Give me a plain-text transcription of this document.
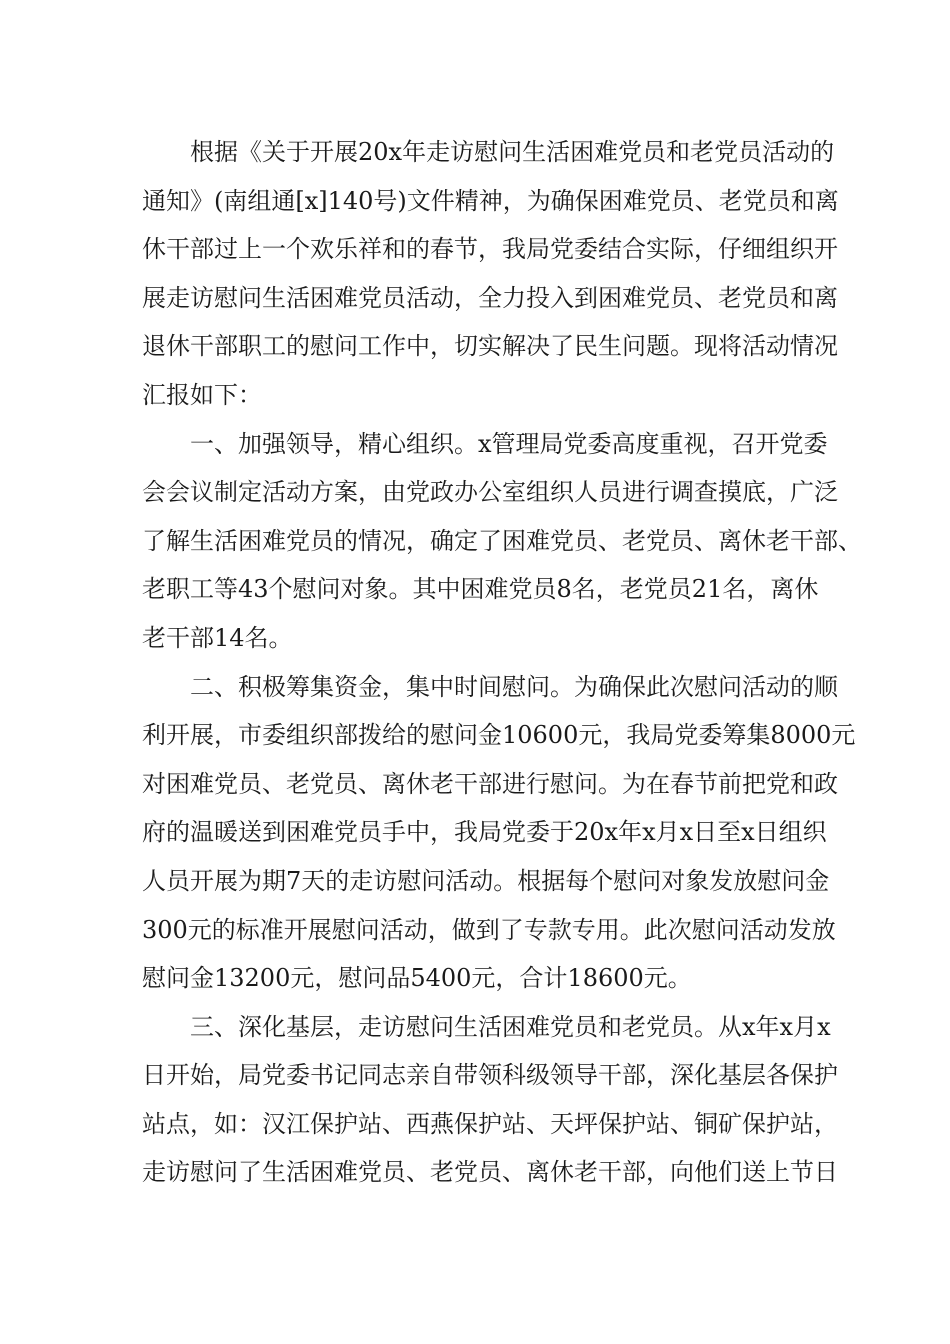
　　根据《关于开展20x年走访慰问生活困难党员和老党员活动的
通知》(南组通[x]140号)文件精神，为确保困难党员、老党员和离
休干部过上一个欢乐祥和的春节，我局党委结合实际，仔细组织开
展走访慰问生活困难党员活动，全力投入到困难党员、老党员和离
退休干部职工的慰问工作中，切实解决了民生问题。现将活动情况
汇报如下：
　　一、加强领导，精心组织。x管理局党委高度重视，召开党委
会会议制定活动方案，由党政办公室组织人员进行调查摸底，广泛
了解生活困难党员的情况，确定了困难党员、老党员、离休老干部、
老职工等43个慰问对象。其中困难党员8名，老党员21名，离休
老干部14名。
　　二、积极筹集资金，集中时间慰问。为确保此次慰问活动的顺
利开展，市委组织部拨给的慰问金10600元，我局党委筹集8000元
对困难党员、老党员、离休老干部进行慰问。为在春节前把党和政
府的温暖送到困难党员手中，我局党委于20x年x月x日至x日组织
人员开展为期7天的走访慰问活动。根据每个慰问对象发放慰问金
300元的标准开展慰问活动，做到了专款专用。此次慰问活动发放
慰问金13200元，慰问品5400元，合计18600元。
　　三、深化基层，走访慰问生活困难党员和老党员。从x年x月x
日开始，局党委书记同志亲自带领科级领导干部，深化基层各保护
站点，如：汉江保护站、西燕保护站、天坪保护站、铜矿保护站，
走访慰问了生活困难党员、老党员、离休老干部，向他们送上节日
